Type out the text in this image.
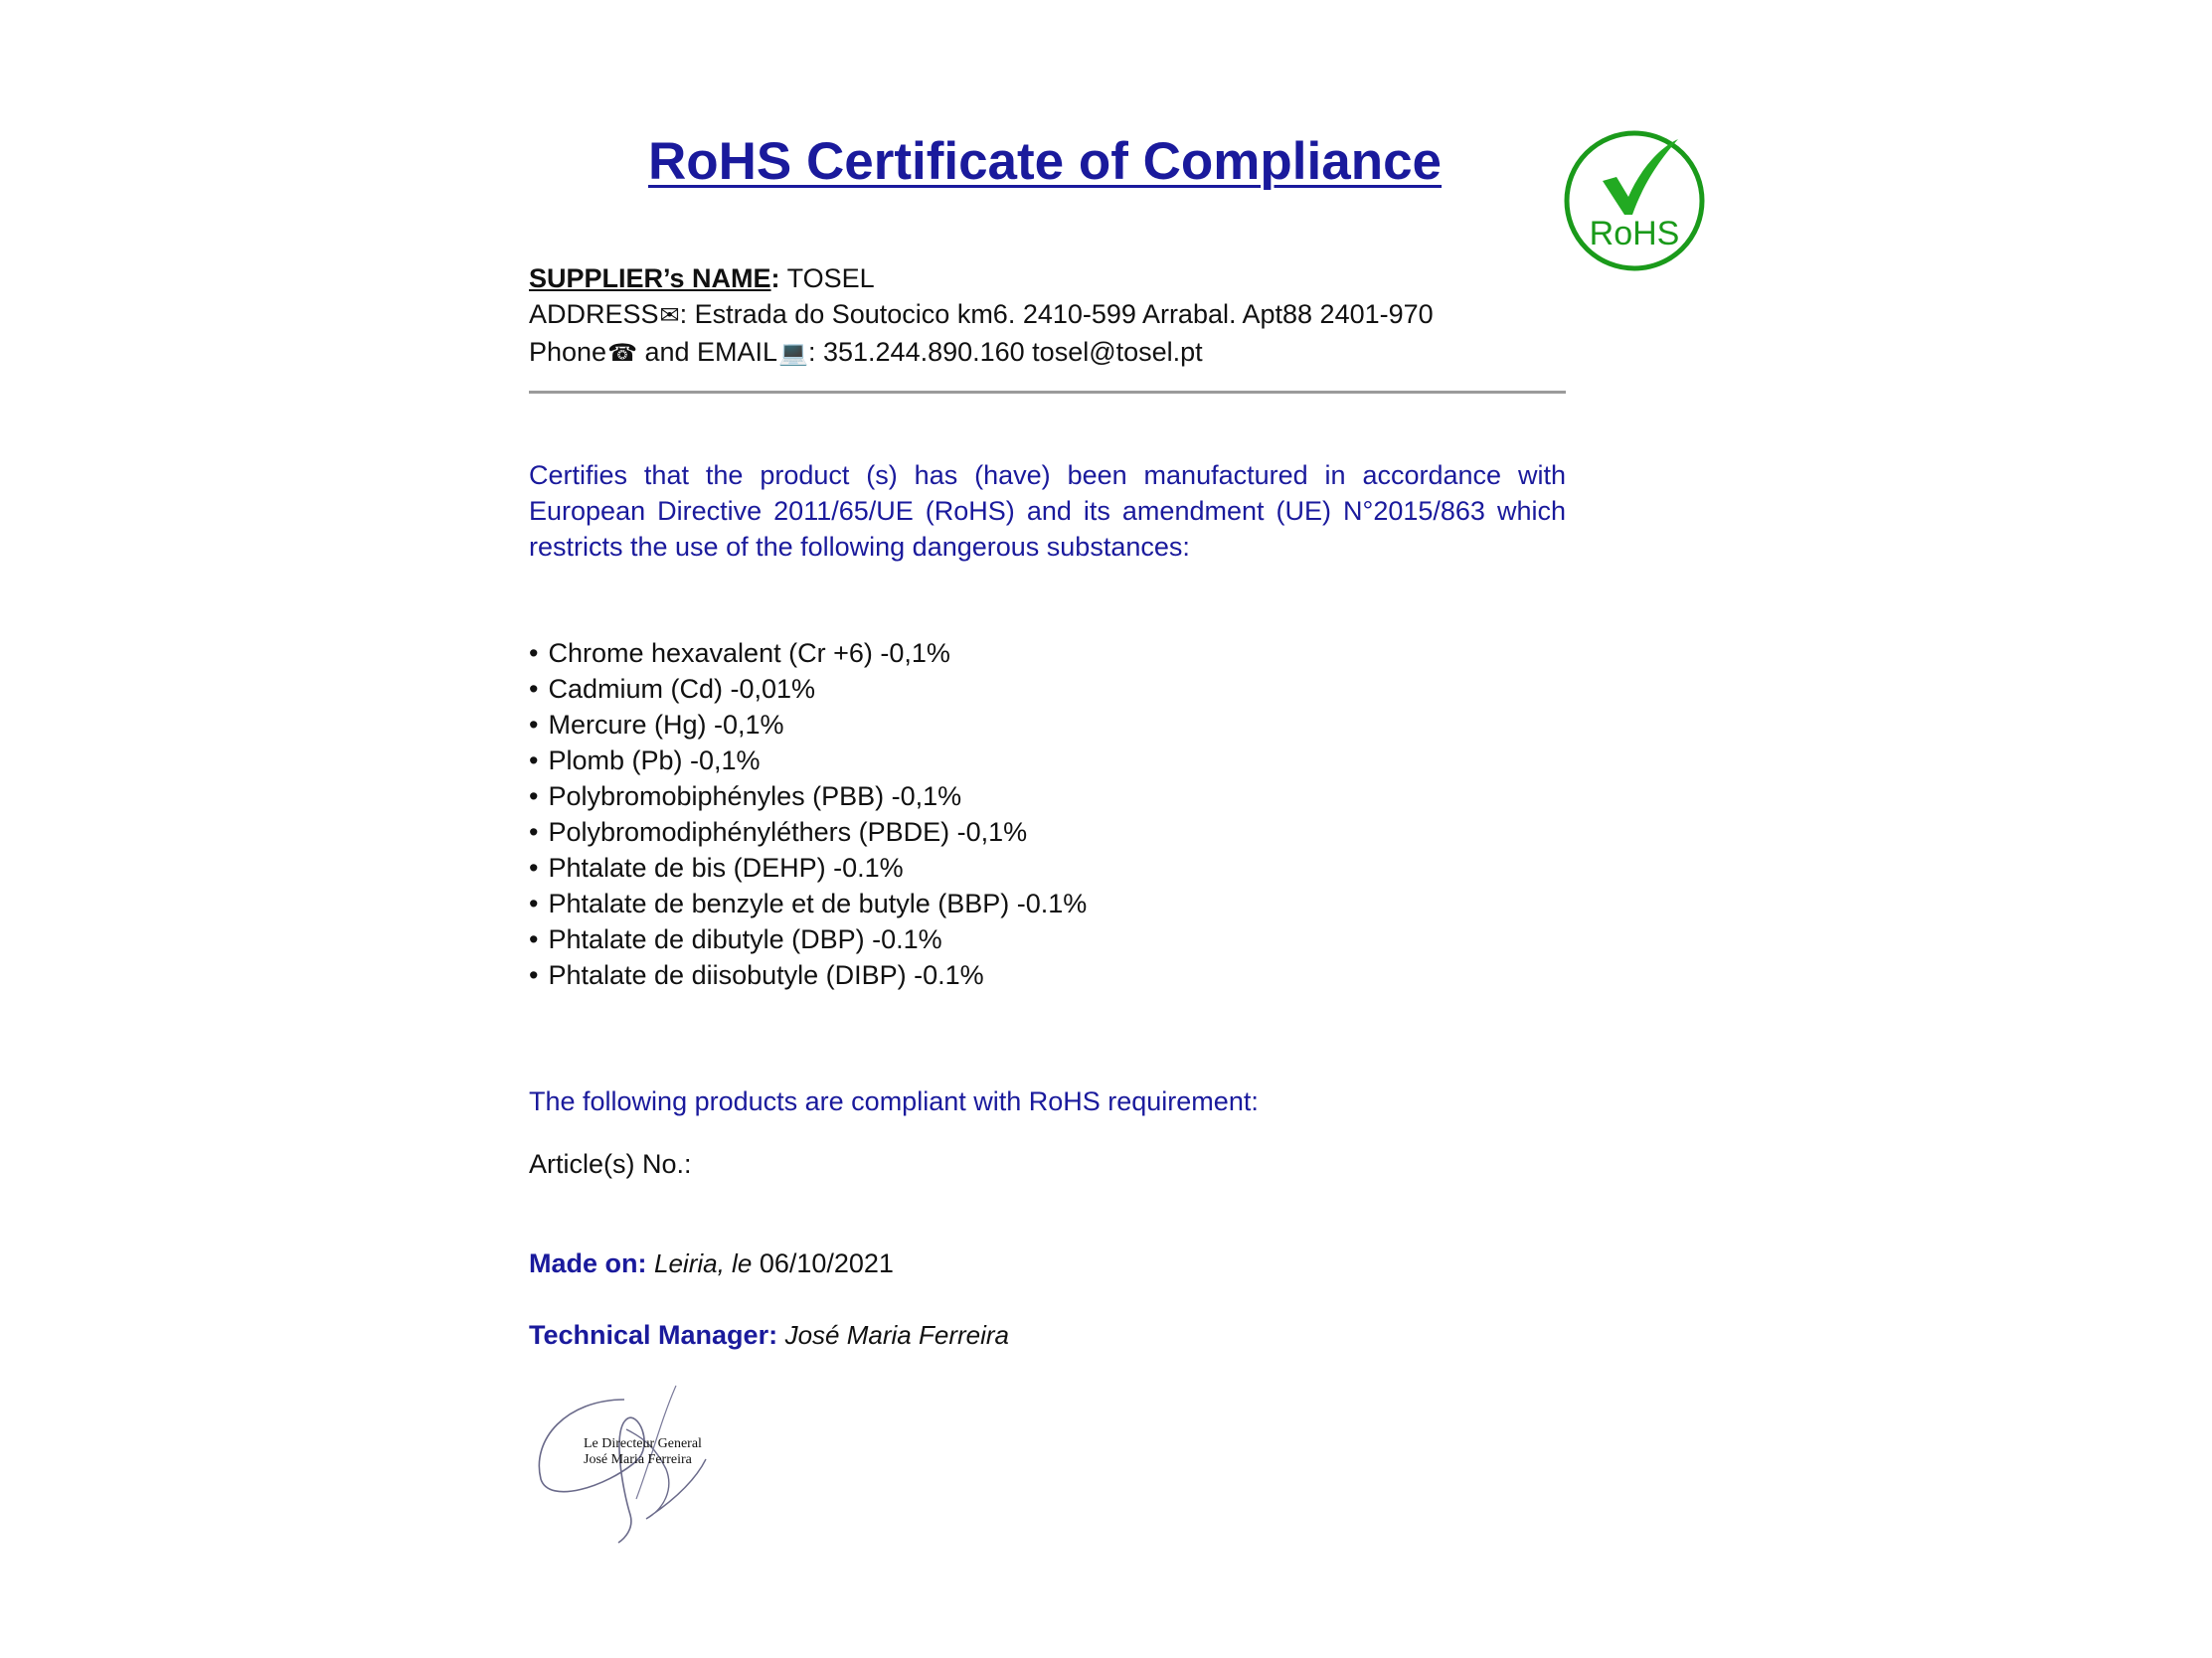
RoHS Certificate of Compliance
RoHS
SUPPLIER’s NAME: TOSEL
ADDRESS✉: Estrada do Soutocico km6. 2410-599 Arrabal. Apt88 2401-970
Phone☎ and EMAIL💻: 351.244.890.160 tosel@tosel.pt

Certifies that the product (s) has (have) been manufactured in accordance with European Directive 2011/65/UE (RoHS) and its amendment (UE) N°2015/863 which restricts the use of the following dangerous substances:

• Chrome hexavalent (Cr +6) -0,1%
• Cadmium (Cd) -0,01%
• Mercure (Hg) -0,1%
• Plomb (Pb) -0,1%
• Polybromobiphényles (PBB) -0,1%
• Polybromodiphényléthers (PBDE) -0,1%
• Phtalate de bis (DEHP) -0.1%
• Phtalate de benzyle et de butyle (BBP) -0.1%
• Phtalate de dibutyle (DBP) -0.1%
• Phtalate de diisobutyle (DIBP) -0.1%

The following products are compliant with RoHS requirement:

Article(s) No.:

Made on: Leiria, le 06/10/2021

Technical Manager: José Maria Ferreira

Le Directeur General
José Maria Ferreira
